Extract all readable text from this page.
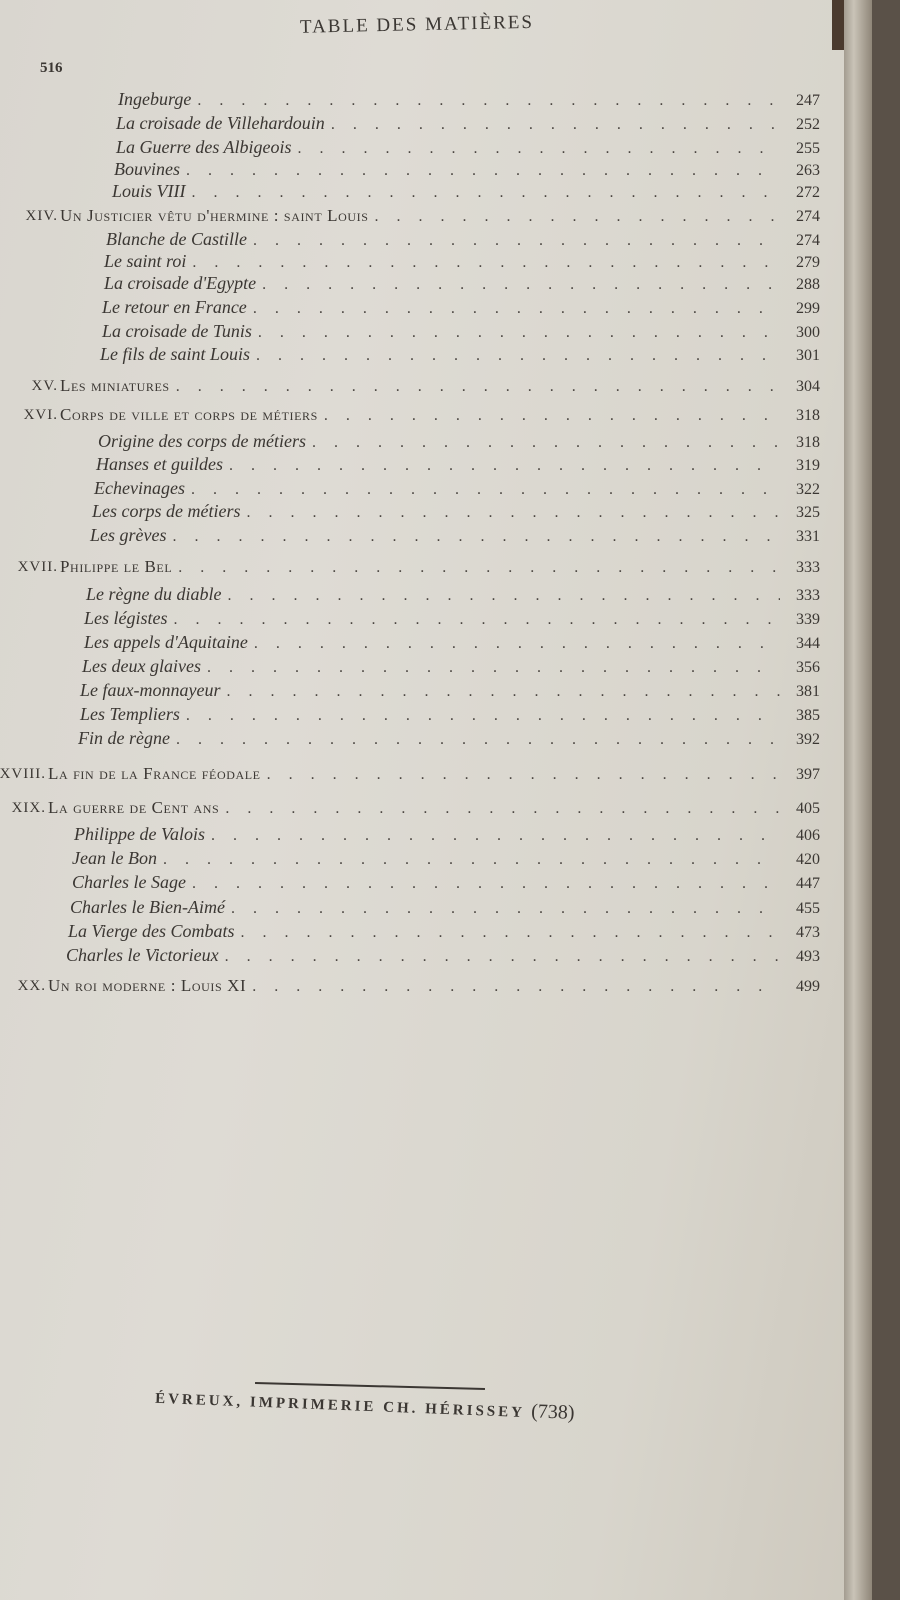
TABLE DES MATIÈRES
516
Ingeburge . . .	247
La croisade de Villehardouin . . .	252
La Guerre des Albigeois . . .	255
Bouvines . . .	263
Louis VIII . . .	272
XIV. Un Justicier vêtu d'hermine : saint Louis . . .	274
Blanche de Castille . . .	274
Le saint roi . . .	279
La croisade d'Egypte . . .	288
Le retour en France . . .	299
La croisade de Tunis . . .	300
Le fils de saint Louis . . .	301
XV. Les miniatures . . .	304
XVI. Corps de ville et corps de métiers . . .	318
Origine des corps de métiers . . .	318
Hanses et guildes . . .	319
Echevinages . . .	322
Les corps de métiers . . .	325
Les grèves . . .	331
XVII. Philippe le Bel . . .	333
Le règne du diable . . .	333
Les légistes . . .	339
Les appels d'Aquitaine . . .	344
Les deux glaives . . .	356
Le faux-monnayeur . . .	381
Les Templiers . . .	385
Fin de règne . . .	392
XVIII. La fin de la France féodale . . .	397
XIX. La guerre de Cent ans . . .	405
Philippe de Valois . . .	406
Jean le Bon . . .	420
Charles le Sage . . .	447
Charles le Bien-Aimé . . .	455
La Vierge des Combats . . .	473
Charles le Victorieux . . .	493
XX. Un roi moderne : Louis XI . . .	499
ÉVREUX, IMPRIMERIE CH. HÉRISSEY (738)
